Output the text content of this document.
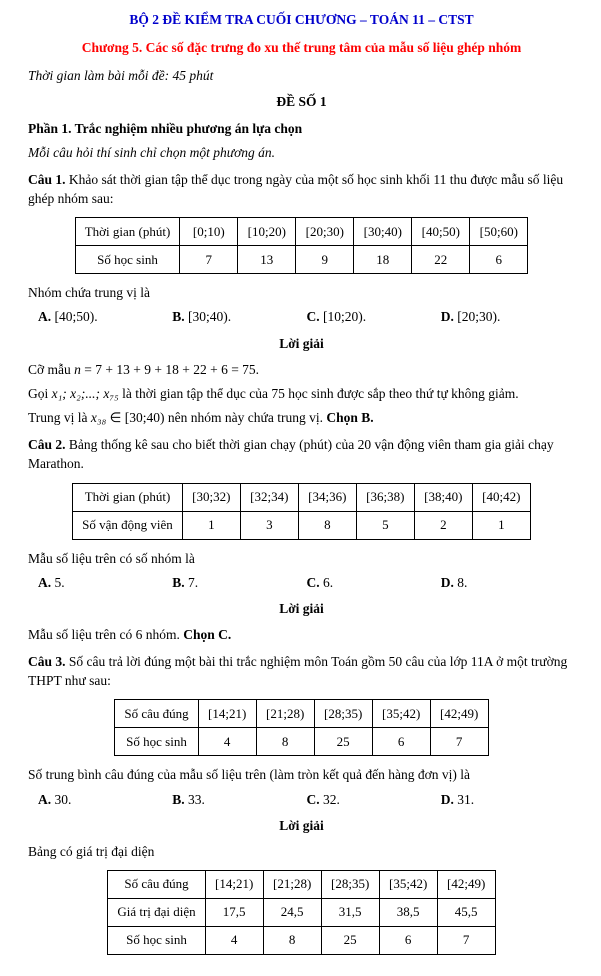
BỘ 2 ĐỀ KIỂM TRA CUỐI CHƯƠNG – TOÁN 11 – CTST
Chương 5. Các số đặc trưng đo xu thế trung tâm của mẫu số liệu ghép nhóm

Thời gian làm bài mỗi đề: 45 phút

ĐỀ SỐ 1

Phần 1. Trắc nghiệm nhiều phương án lựa chọn

Mỗi câu hỏi thí sinh chỉ chọn một phương án.

Câu 1. Khảo sát thời gian tập thể dục trong ngày của một số học sinh khối 11 thu được mẫu số liệu ghép nhóm sau:

Thời gian (phút)	[0;10)	[10;20)	[20;30)	[30;40)	[40;50)	[50;60)
Số học sinh	7	13	9	18	22	6

Nhóm chứa trung vị là

A. [40;50).	B. [30;40).	C. [10;20).	D. [20;30).

Lời giải

Cỡ mẫu n = 7 + 13 + 9 + 18 + 22 + 6 = 75.

Gọi x₁; x₂;...; x₇₅ là thời gian tập thể dục của 75 học sinh được sắp theo thứ tự không giảm.

Trung vị là x₃₈ ∈ [30;40) nên nhóm này chứa trung vị. Chọn B.

Câu 2. Bảng thống kê sau cho biết thời gian chạy (phút) của 20 vận động viên tham gia giải chạy Marathon.

Thời gian (phút)	[30;32)	[32;34)	[34;36)	[36;38)	[38;40)	[40;42)
Số vận động viên	1	3	8	5	2	1

Mẫu số liệu trên có số nhóm là

A. 5.	B. 7.	C. 6.	D. 8.

Lời giải

Mẫu số liệu trên có 6 nhóm. Chọn C.

Câu 3. Số câu trả lời đúng một bài thi trắc nghiệm môn Toán gồm 50 câu của lớp 11A ở một trường THPT như sau:

Số câu đúng	[14;21)	[21;28)	[28;35)	[35;42)	[42;49)
Số học sinh	4	8	25	6	7

Số trung bình câu đúng của mẫu số liệu trên (làm tròn kết quả đến hàng đơn vị) là

A. 30.	B. 33.	C. 32.	D. 31.

Lời giải

Bảng có giá trị đại diện

Số câu đúng	[14;21)	[21;28)	[28;35)	[35;42)	[42;49)
Giá trị đại diện	17,5	24,5	31,5	38,5	45,5
Số học sinh	4	8	25	6	7
